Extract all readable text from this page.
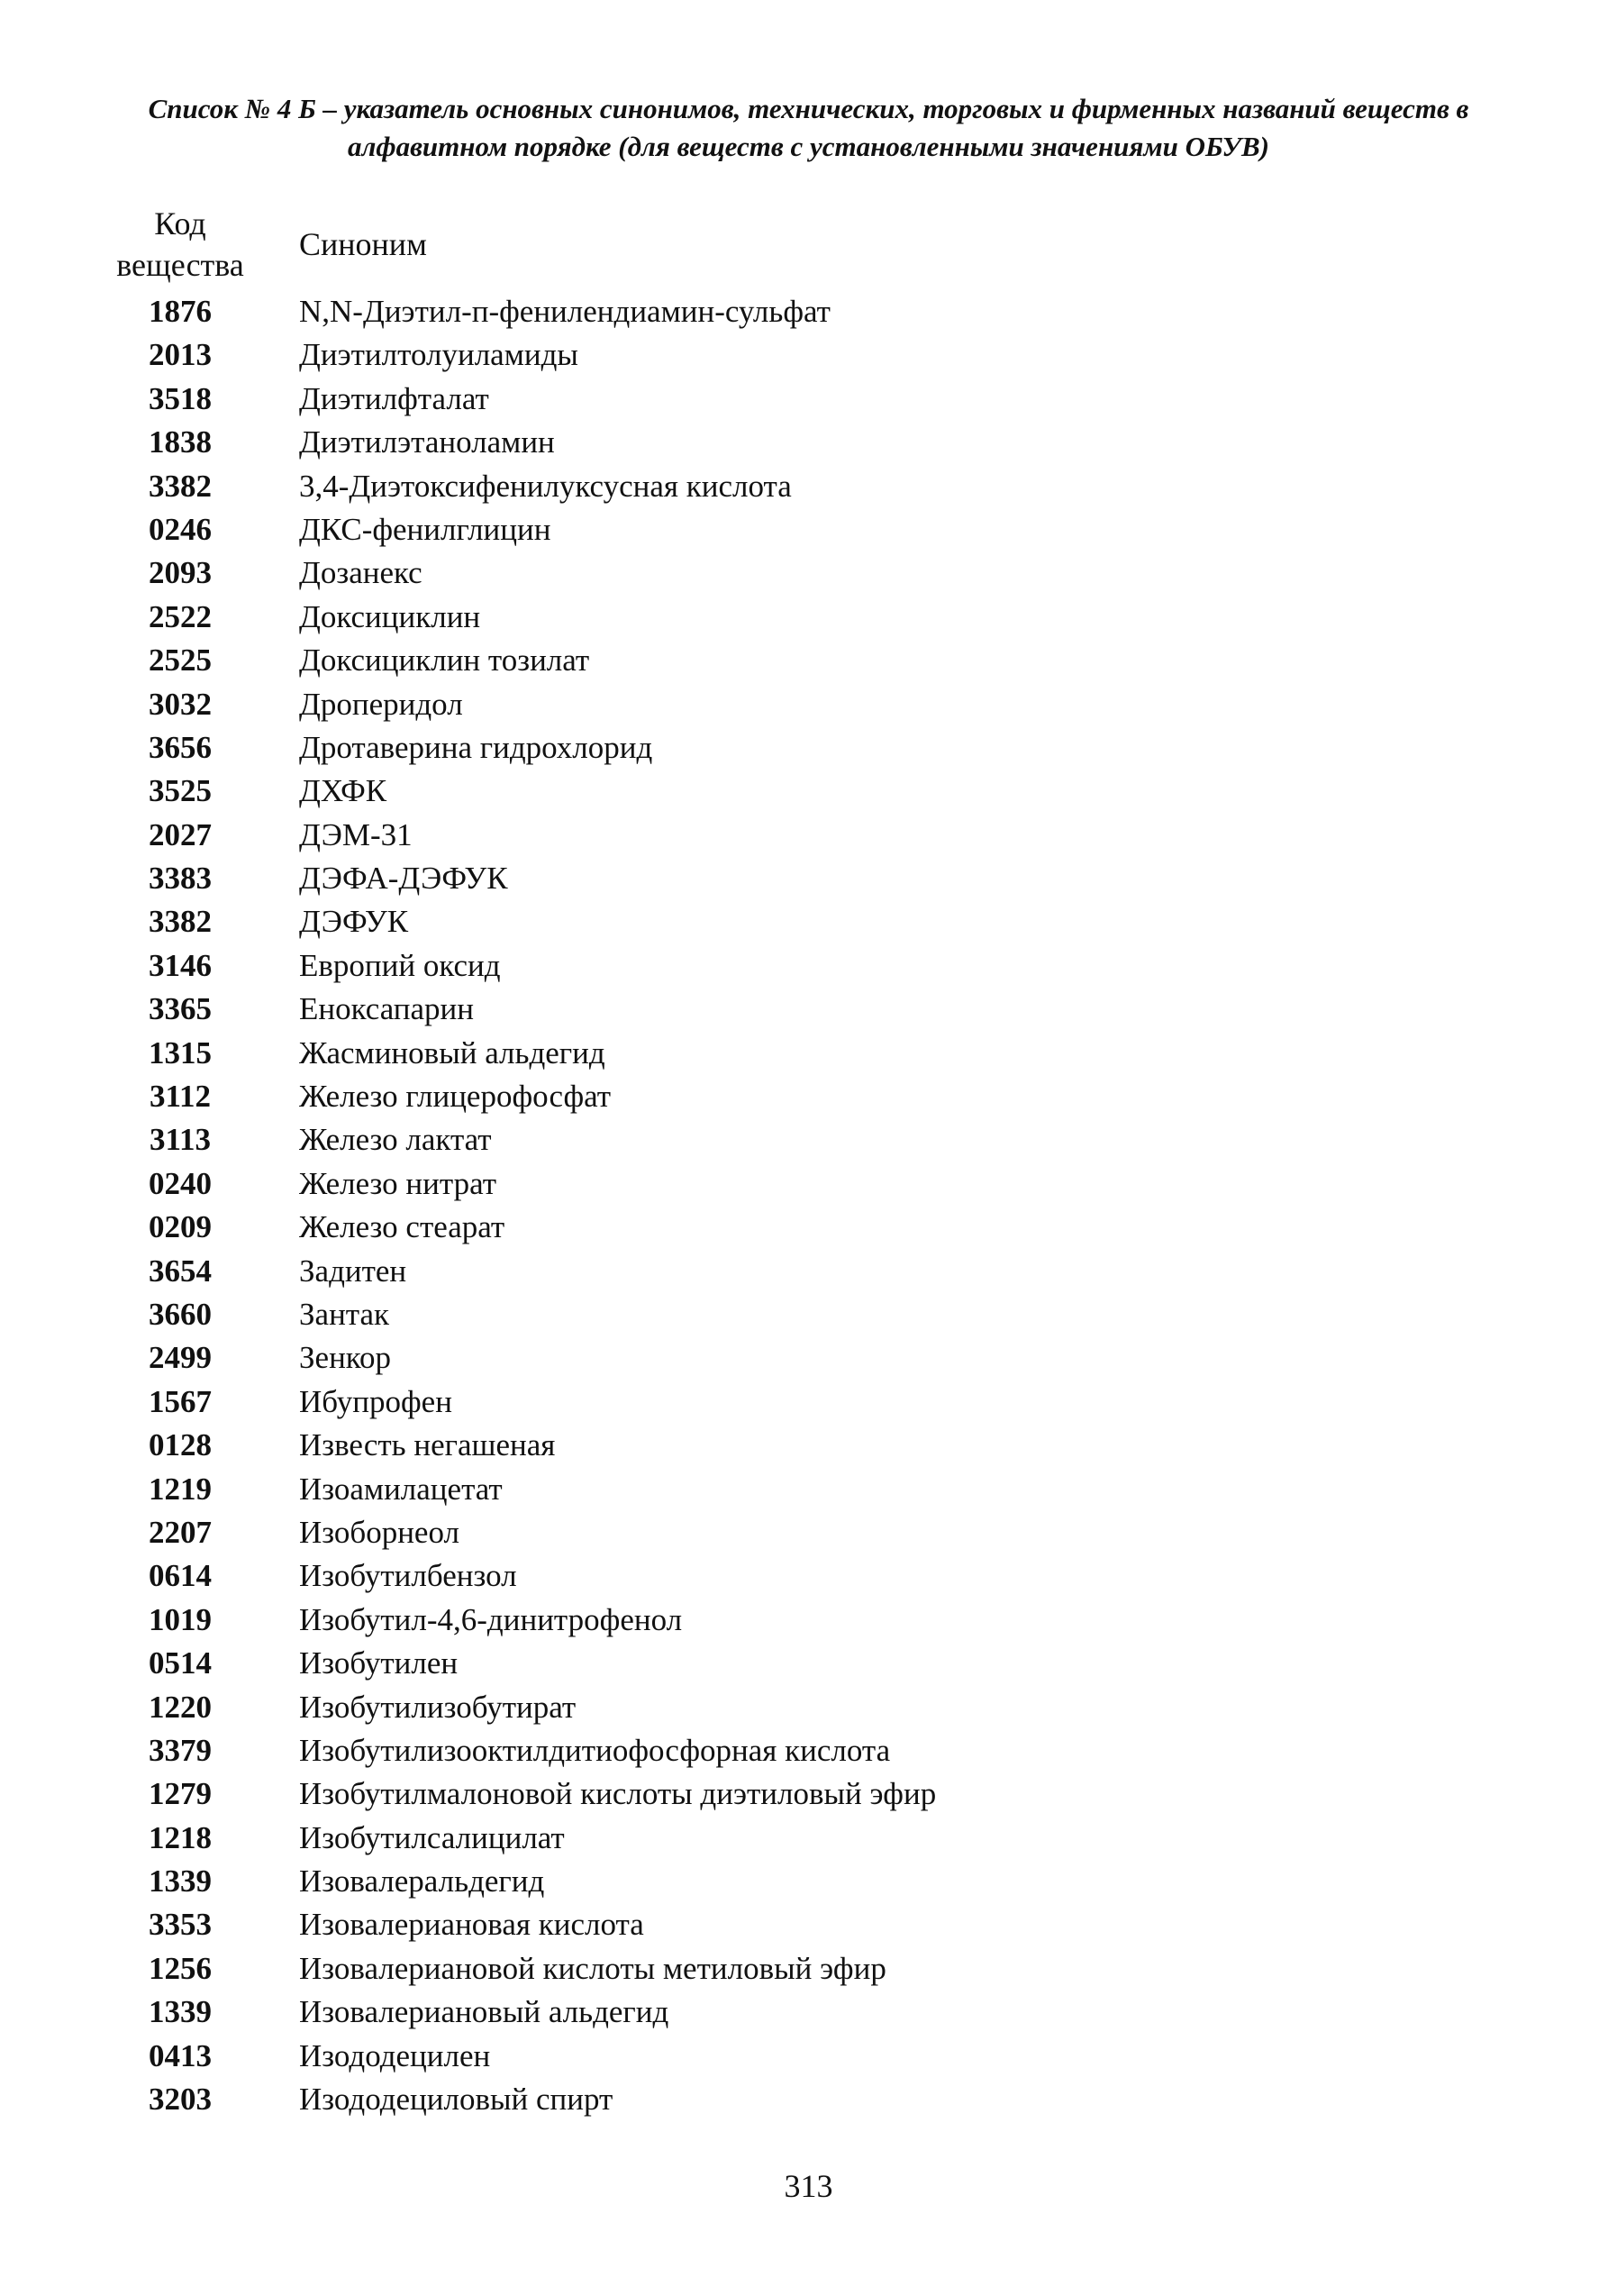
Список № 4 Б – указатель основных синонимов, технических, торговых и фирменных названий веществ в
алфавитном порядке (для веществ с установленными значениями ОБУВ)
Код
вещества
Синоним
1876	N,N-Диэтил-п-фенилендиамин-сульфат
2013	Диэтилтолуиламиды
3518	Диэтилфталат
1838	Диэтилэтаноламин
3382	3,4-Диэтоксифенилуксусная кислота
0246	ДКС-фенилглицин
2093	Дозанекс
2522	Доксициклин
2525	Доксициклин тозилат
3032	Дроперидол
3656	Дротаверина гидрохлорид
3525	ДХФК
2027	ДЭМ-31
3383	ДЭФА-ДЭФУК
3382	ДЭФУК
3146	Европий оксид
3365	Еноксапарин
1315	Жасминовый альдегид
3112	Железо глицерофосфат
3113	Железо лактат
0240	Железо нитрат
0209	Железо стеарат
3654	Задитен
3660	Зантак
2499	Зенкор
1567	Ибупрофен
0128	Известь негашеная
1219	Изоамилацетат
2207	Изоборнеол
0614	Изобутилбензол
1019	Изобутил-4,6-динитрофенол
0514	Изобутилен
1220	Изобутилизобутират
3379	Изобутилизооктилдитиофосфорная кислота
1279	Изобутилмалоновой кислоты диэтиловый эфир
1218	Изобутилсалицилат
1339	Изовалеральдегид
3353	Изовалериановая кислота
1256	Изовалериановой кислоты метиловый эфир
1339	Изовалериановый альдегид
0413	Изододецилен
3203	Изододециловый спирт
313
